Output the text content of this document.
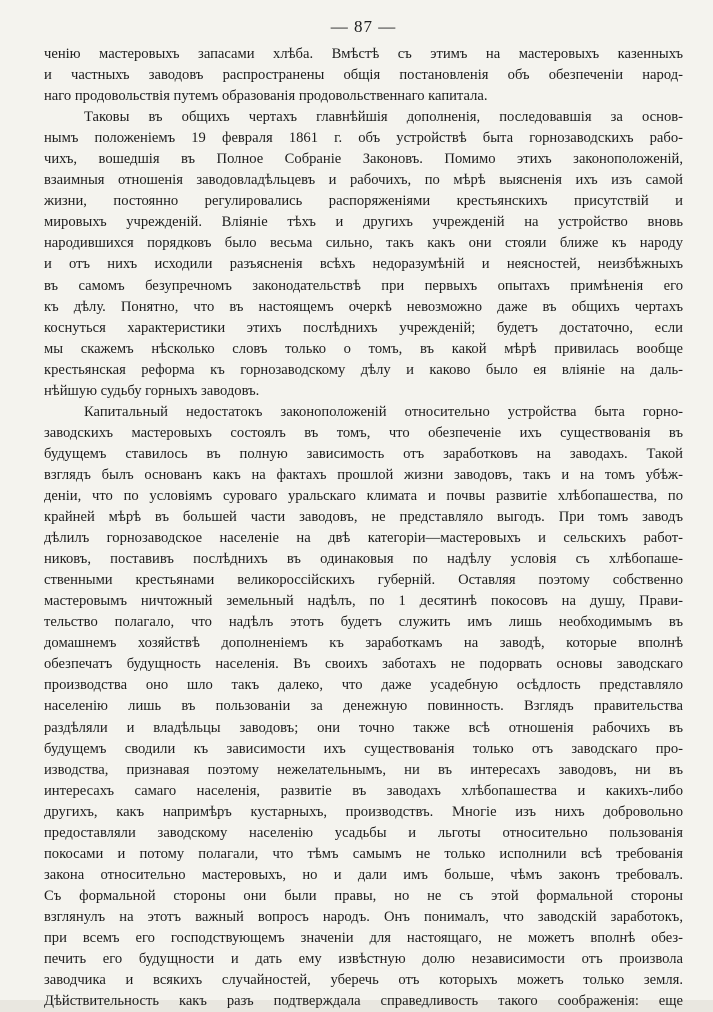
— 87 —
ченію мастеровыхъ запасами хлѣба. Вмѣстѣ съ этимъ на мастеровыхъ казенныхъ
и частныхъ заводовъ распространены общія постановленія объ обезпеченіи народ-
наго продовольствія путемъ образованія продовольственнаго капитала.
Таковы въ общихъ чертахъ главнѣйшія дополненія, последовавшія за основ-
нымъ положеніемъ 19 февраля 1861 г. объ устройствѣ быта горнозаводскихъ рабо-
чихъ, вошедшія въ Полное Собраніе Законовъ. Помимо этихъ законоположеній,
взаимныя отношенія заводовладѣльцевъ и рабочихъ, по мѣрѣ выясненія ихъ изъ самой
жизни, постоянно регулировались распоряженіями крестьянскихъ присутствій и
мировыхъ учрежденій. Вліяніе тѣхъ и другихъ учрежденій на устройство вновь
народившихся порядковъ было весьма сильно, такъ какъ они стояли ближе къ народу
и отъ нихъ исходили разъясненія всѣхъ недоразумѣній и неясностей, неизбѣжныхъ
въ самомъ безупречномъ законодательствѣ при первыхъ опытахъ примѣненія его
къ дѣлу. Понятно, что въ настоящемъ очеркѣ невозможно даже въ общихъ чертахъ
коснуться характеристики этихъ послѣднихъ учрежденій; будетъ достаточно, если
мы скажемъ нѣсколько словъ только о томъ, въ какой мѣрѣ привилась вообще
крестьянская реформа къ горнозаводскому дѣлу и каково было ея вліяніе на даль-
нѣйшую судьбу горныхъ заводовъ.
Капитальный недостатокъ законоположеній относительно устройства быта горно-
заводскихъ мастеровыхъ состоялъ въ томъ, что обезпеченіе ихъ существованія въ
будущемъ ставилось въ полную зависимость отъ заработковъ на заводахъ. Такой
взглядъ былъ основанъ какъ на фактахъ прошлой жизни заводовъ, такъ и на томъ убѣж-
деніи, что по условіямъ суроваго уральскаго климата и почвы развитіе хлѣбопашества, по
крайней мѣрѣ въ большей части заводовъ, не представляло выгодъ. При томъ заводъ
дѣлилъ горнозаводское населеніе на двѣ категоріи—мастеровыхъ и сельскихъ работ-
никовъ, поставивъ послѣднихъ въ одинаковыя по надѣлу условія съ хлѣбопаше-
ственными крестьянами великороссійскихъ губерній. Оставляя поэтому собственно
мастеровымъ ничтожный земельный надѣлъ, по 1 десятинѣ покосовъ на душу, Прави-
тельство полагало, что надѣлъ этотъ будетъ служить имъ лишь необходимымъ въ
домашнемъ хозяйствѣ дополненіемъ къ заработкамъ на заводѣ, которые вполнѣ
обезпечатъ будущность населенія. Въ своихъ заботахъ не подорвать основы заводскаго
производства оно шло такъ далеко, что даже усадебную осѣдлость представляло
населенію лишь въ пользованіи за денежную повинность. Взглядъ правительства
раздѣляли и владѣльцы заводовъ; они точно также всѣ отношенія рабочихъ въ
будущемъ сводили къ зависимости ихъ существованія только отъ заводскаго про-
изводства, признавая поэтому нежелательнымъ, ни въ интересахъ заводовъ, ни въ
интересахъ самаго населенія, развитіе въ заводахъ хлѣбопашества и какихъ-либо
другихъ, какъ напримѣръ кустарныхъ, производствъ. Многіе изъ нихъ добровольно
предоставляли заводскому населенію усадьбы и льготы относительно пользованія
покосами и потому полагали, что тѣмъ самымъ не только исполнили всѣ требованія
закона относительно мастеровыхъ, но и дали имъ больше, чѣмъ законъ требовалъ.
Съ формальной стороны они были правы, но не съ этой формальной стороны
взглянулъ на этотъ важный вопросъ народъ. Онъ понималъ, что заводскій заработокъ,
при всемъ его господствующемъ значеніи для настоящаго, не можетъ вполнѣ обез-
печить его будущности и дать ему извѣстную долю независимости отъ произвола
заводчика и всякихъ случайностей, уберечь отъ которыхъ можетъ только земля.
Дѣйствительность какъ разъ подтверждала справедливость такого соображенія: еще
